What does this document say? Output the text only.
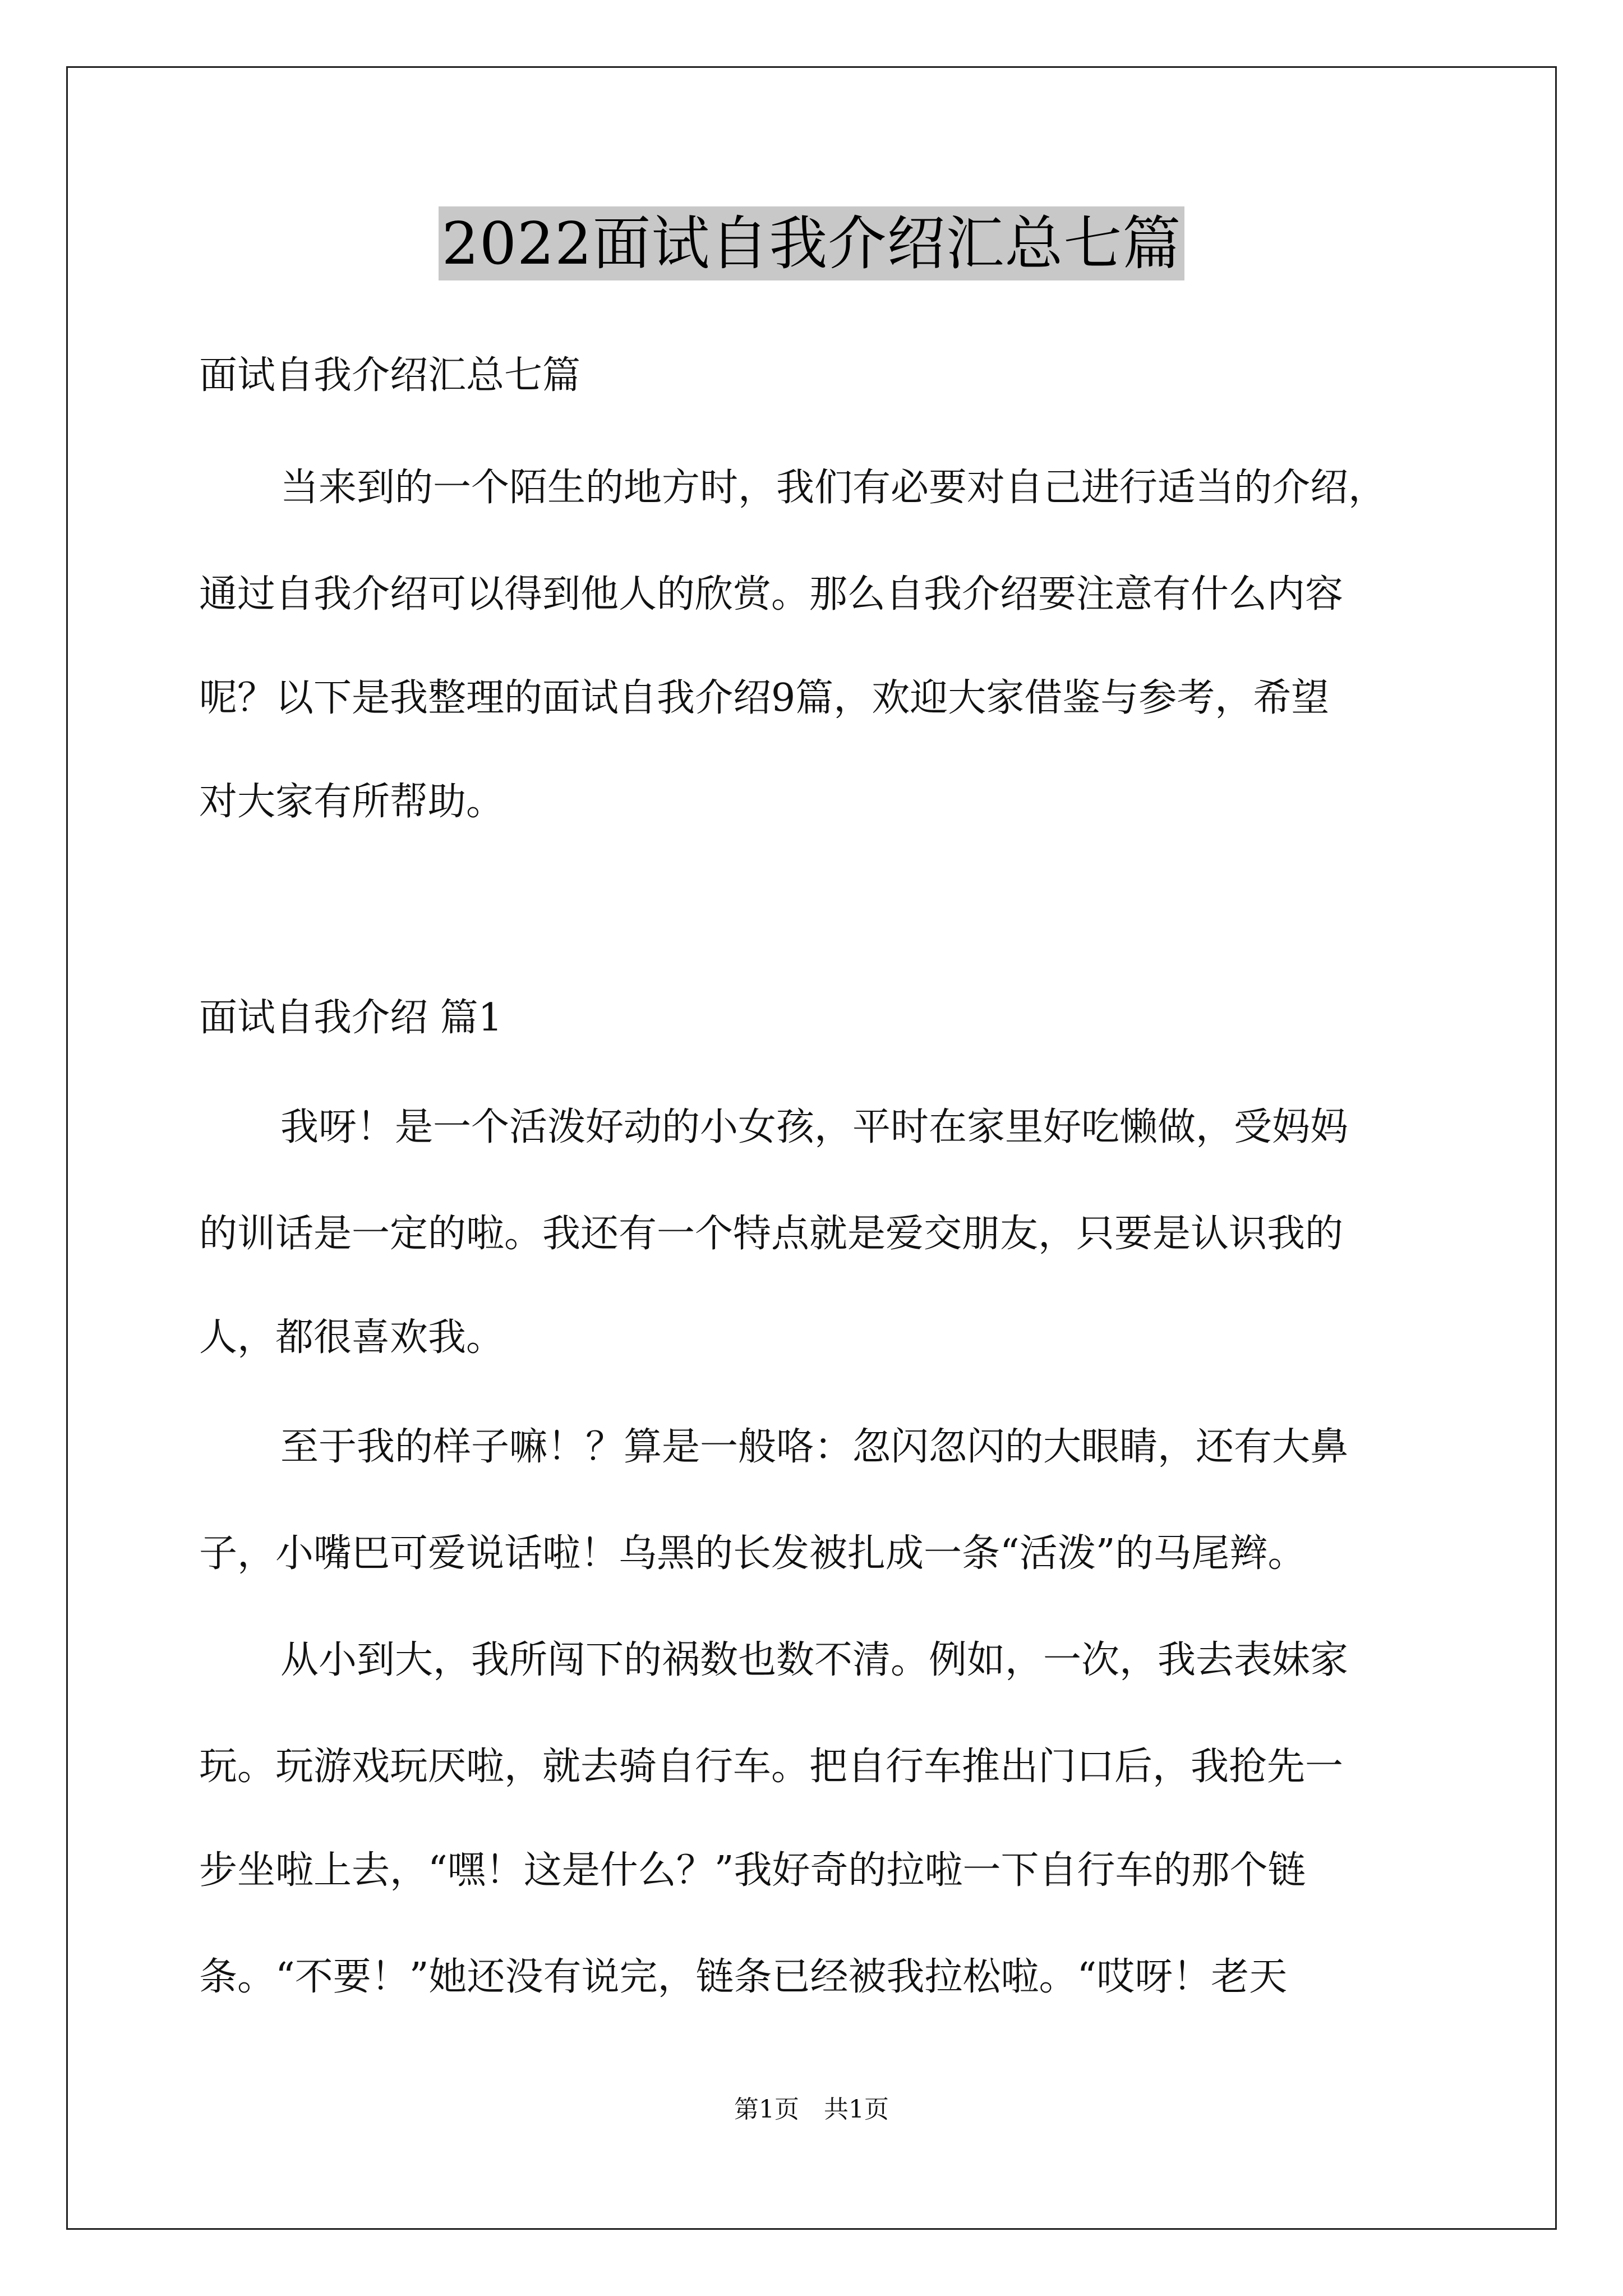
2022面试自我介绍汇总七篇
面试自我介绍汇总七篇
当来到的一个陌生的地方时，我们有必要对自己进行适当的介绍，
通过自我介绍可以得到他人的欣赏。那么自我介绍要注意有什么内容
呢？以下是我整理的面试自我介绍9篇，欢迎大家借鉴与参考，希望
对大家有所帮助。
面试自我介绍 篇1
我呀！是一个活泼好动的小女孩，平时在家里好吃懒做，受妈妈
的训话是一定的啦。我还有一个特点就是爱交朋友，只要是认识我的
人，都很喜欢我。
至于我的样子嘛！？算是一般咯：忽闪忽闪的大眼睛，还有大鼻
子，小嘴巴可爱说话啦！乌黑的长发被扎成一条“活泼”的马尾辫。
从小到大，我所闯下的祸数也数不清。例如，一次，我去表妹家
玩。玩游戏玩厌啦，就去骑自行车。把自行车推出门口后，我抢先一
步坐啦上去，“嘿！这是什么？”我好奇的拉啦一下自行车的那个链
条。“不要！”她还没有说完，链条已经被我拉松啦。“哎呀！老天
第1页　共1页
